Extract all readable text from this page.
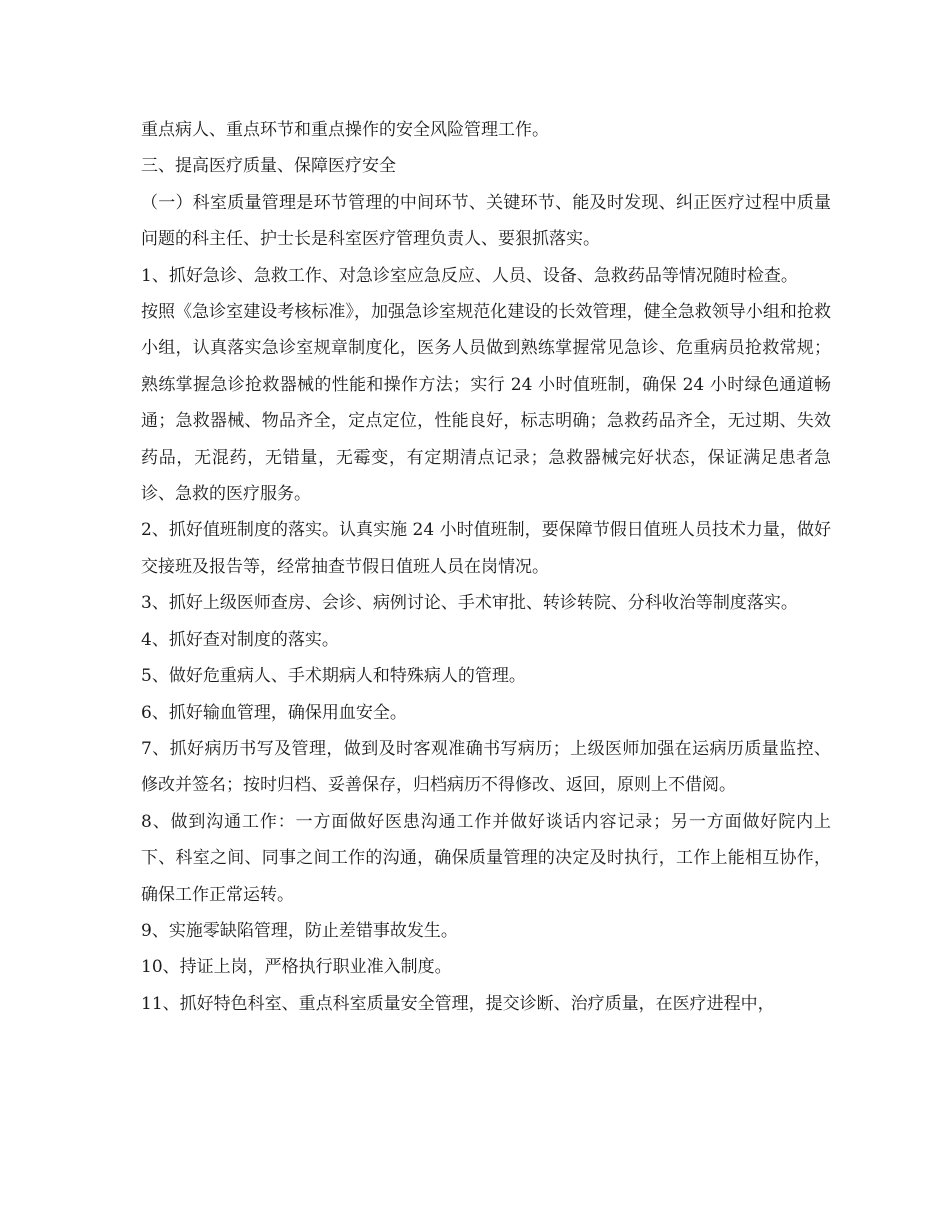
重点病人、重点环节和重点操作的安全风险管理工作。

三、提高医疗质量、保障医疗安全

（一）科室质量管理是环节管理的中间环节、关键环节、能及时发现、纠正医疗过程中质量问题的科主任、护士长是科室医疗管理负责人、要狠抓落实。

1、抓好急诊、急救工作、对急诊室应急反应、人员、设备、急救药品等情况随时检查。

按照《急诊室建设考核标准》，加强急诊室规范化建设的长效管理，健全急救领导小组和抢救小组，认真落实急诊室规章制度化，医务人员做到熟练掌握常见急诊、危重病员抢救常规；熟练掌握急诊抢救器械的性能和操作方法；实行 24 小时值班制，确保 24 小时绿色通道畅通；急救器械、物品齐全，定点定位，性能良好，标志明确；急救药品齐全，无过期、失效药品，无混药，无错量，无霉变，有定期清点记录；急救器械完好状态，保证满足患者急诊、急救的医疗服务。

2、抓好值班制度的落实。认真实施 24 小时值班制，要保障节假日值班人员技术力量，做好交接班及报告等，经常抽查节假日值班人员在岗情况。

3、抓好上级医师查房、会诊、病例讨论、手术审批、转诊转院、分科收治等制度落实。

4、抓好查对制度的落实。

5、做好危重病人、手术期病人和特殊病人的管理。

6、抓好输血管理，确保用血安全。

7、抓好病历书写及管理，做到及时客观准确书写病历；上级医师加强在运病历质量监控、修改并签名；按时归档、妥善保存，归档病历不得修改、返回，原则上不借阅。

8、做到沟通工作：一方面做好医患沟通工作并做好谈话内容记录；另一方面做好院内上下、科室之间、同事之间工作的沟通，确保质量管理的决定及时执行，工作上能相互协作，确保工作正常运转。

9、实施零缺陷管理，防止差错事故发生。

10、持证上岗，严格执行职业准入制度。

11、抓好特色科室、重点科室质量安全管理，提交诊断、治疗质量，在医疗进程中，
